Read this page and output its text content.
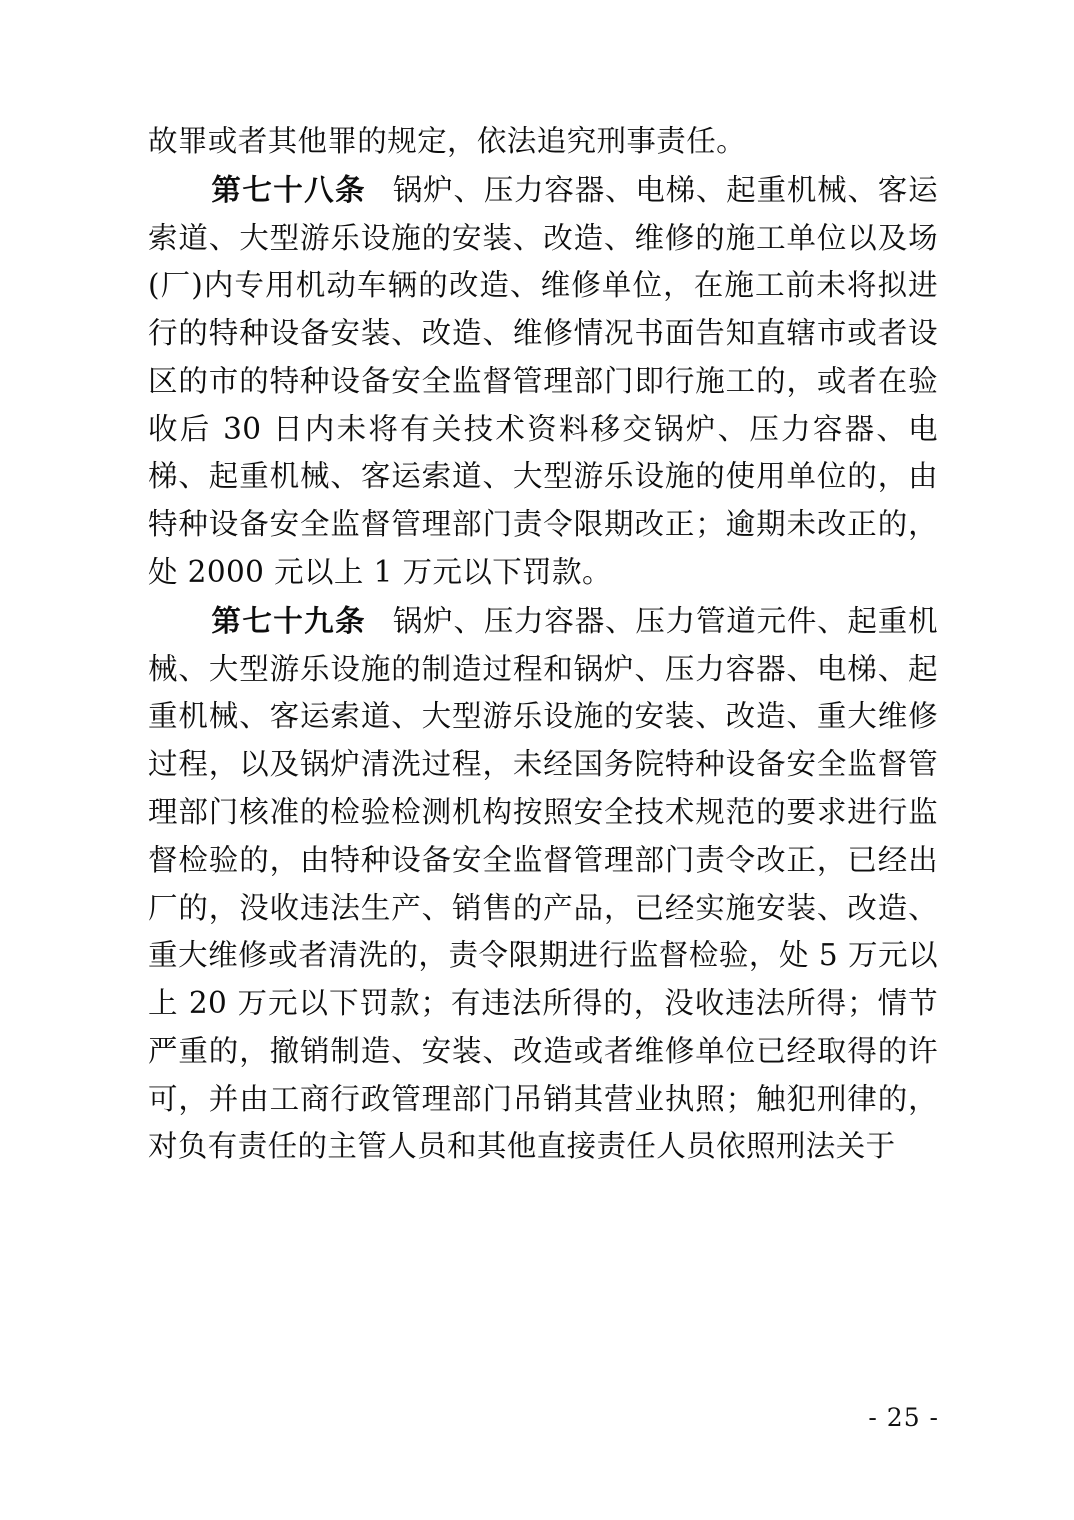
故罪或者其他罪的规定，依法追究刑事责任。

第七十八条 锅炉、压力容器、电梯、起重机械、客运索道、大型游乐设施的安装、改造、维修的施工单位以及场(厂)内专用机动车辆的改造、维修单位，在施工前未将拟进行的特种设备安装、改造、维修情况书面告知直辖市或者设区的市的特种设备安全监督管理部门即行施工的，或者在验收后 30 日内未将有关技术资料移交锅炉、压力容器、电梯、起重机械、客运索道、大型游乐设施的使用单位的，由特种设备安全监督管理部门责令限期改正；逾期未改正的，处 2000 元以上 1 万元以下罚款。

第七十九条 锅炉、压力容器、压力管道元件、起重机械、大型游乐设施的制造过程和锅炉、压力容器、电梯、起重机械、客运索道、大型游乐设施的安装、改造、重大维修过程，以及锅炉清洗过程，未经国务院特种设备安全监督管理部门核准的检验检测机构按照安全技术规范的要求进行监督检验的，由特种设备安全监督管理部门责令改正，已经出厂的，没收违法生产、销售的产品，已经实施安装、改造、重大维修或者清洗的，责令限期进行监督检验，处 5 万元以上 20 万元以下罚款；有违法所得的，没收违法所得；情节严重的，撤销制造、安装、改造或者维修单位已经取得的许可，并由工商行政管理部门吊销其营业执照；触犯刑律的，对负有责任的主管人员和其他直接责任人员依照刑法关于

- 25 -
